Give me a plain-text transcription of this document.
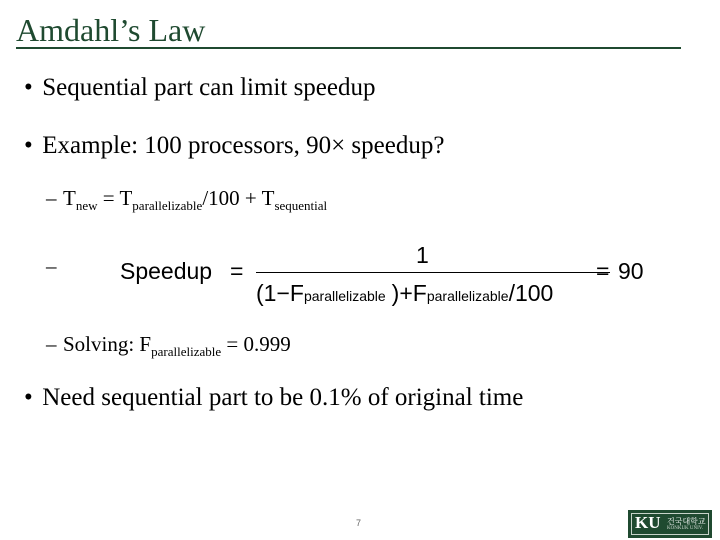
Amdahl’s Law
• Sequential part can limit speedup
• Example: 100 processors, 90× speedup?
– $T_{new} = T_{parallelizable}/100 + T_{sequential}$
–	Speedup =
1
(1−Fparallelizable )+Fparallelizable/100
= 90
– Solving: $F_{parallelizable} = 0.999$
• Need sequential part to be 0.1% of original time
7	KU 건국대학교
KONKUK UNIV.
